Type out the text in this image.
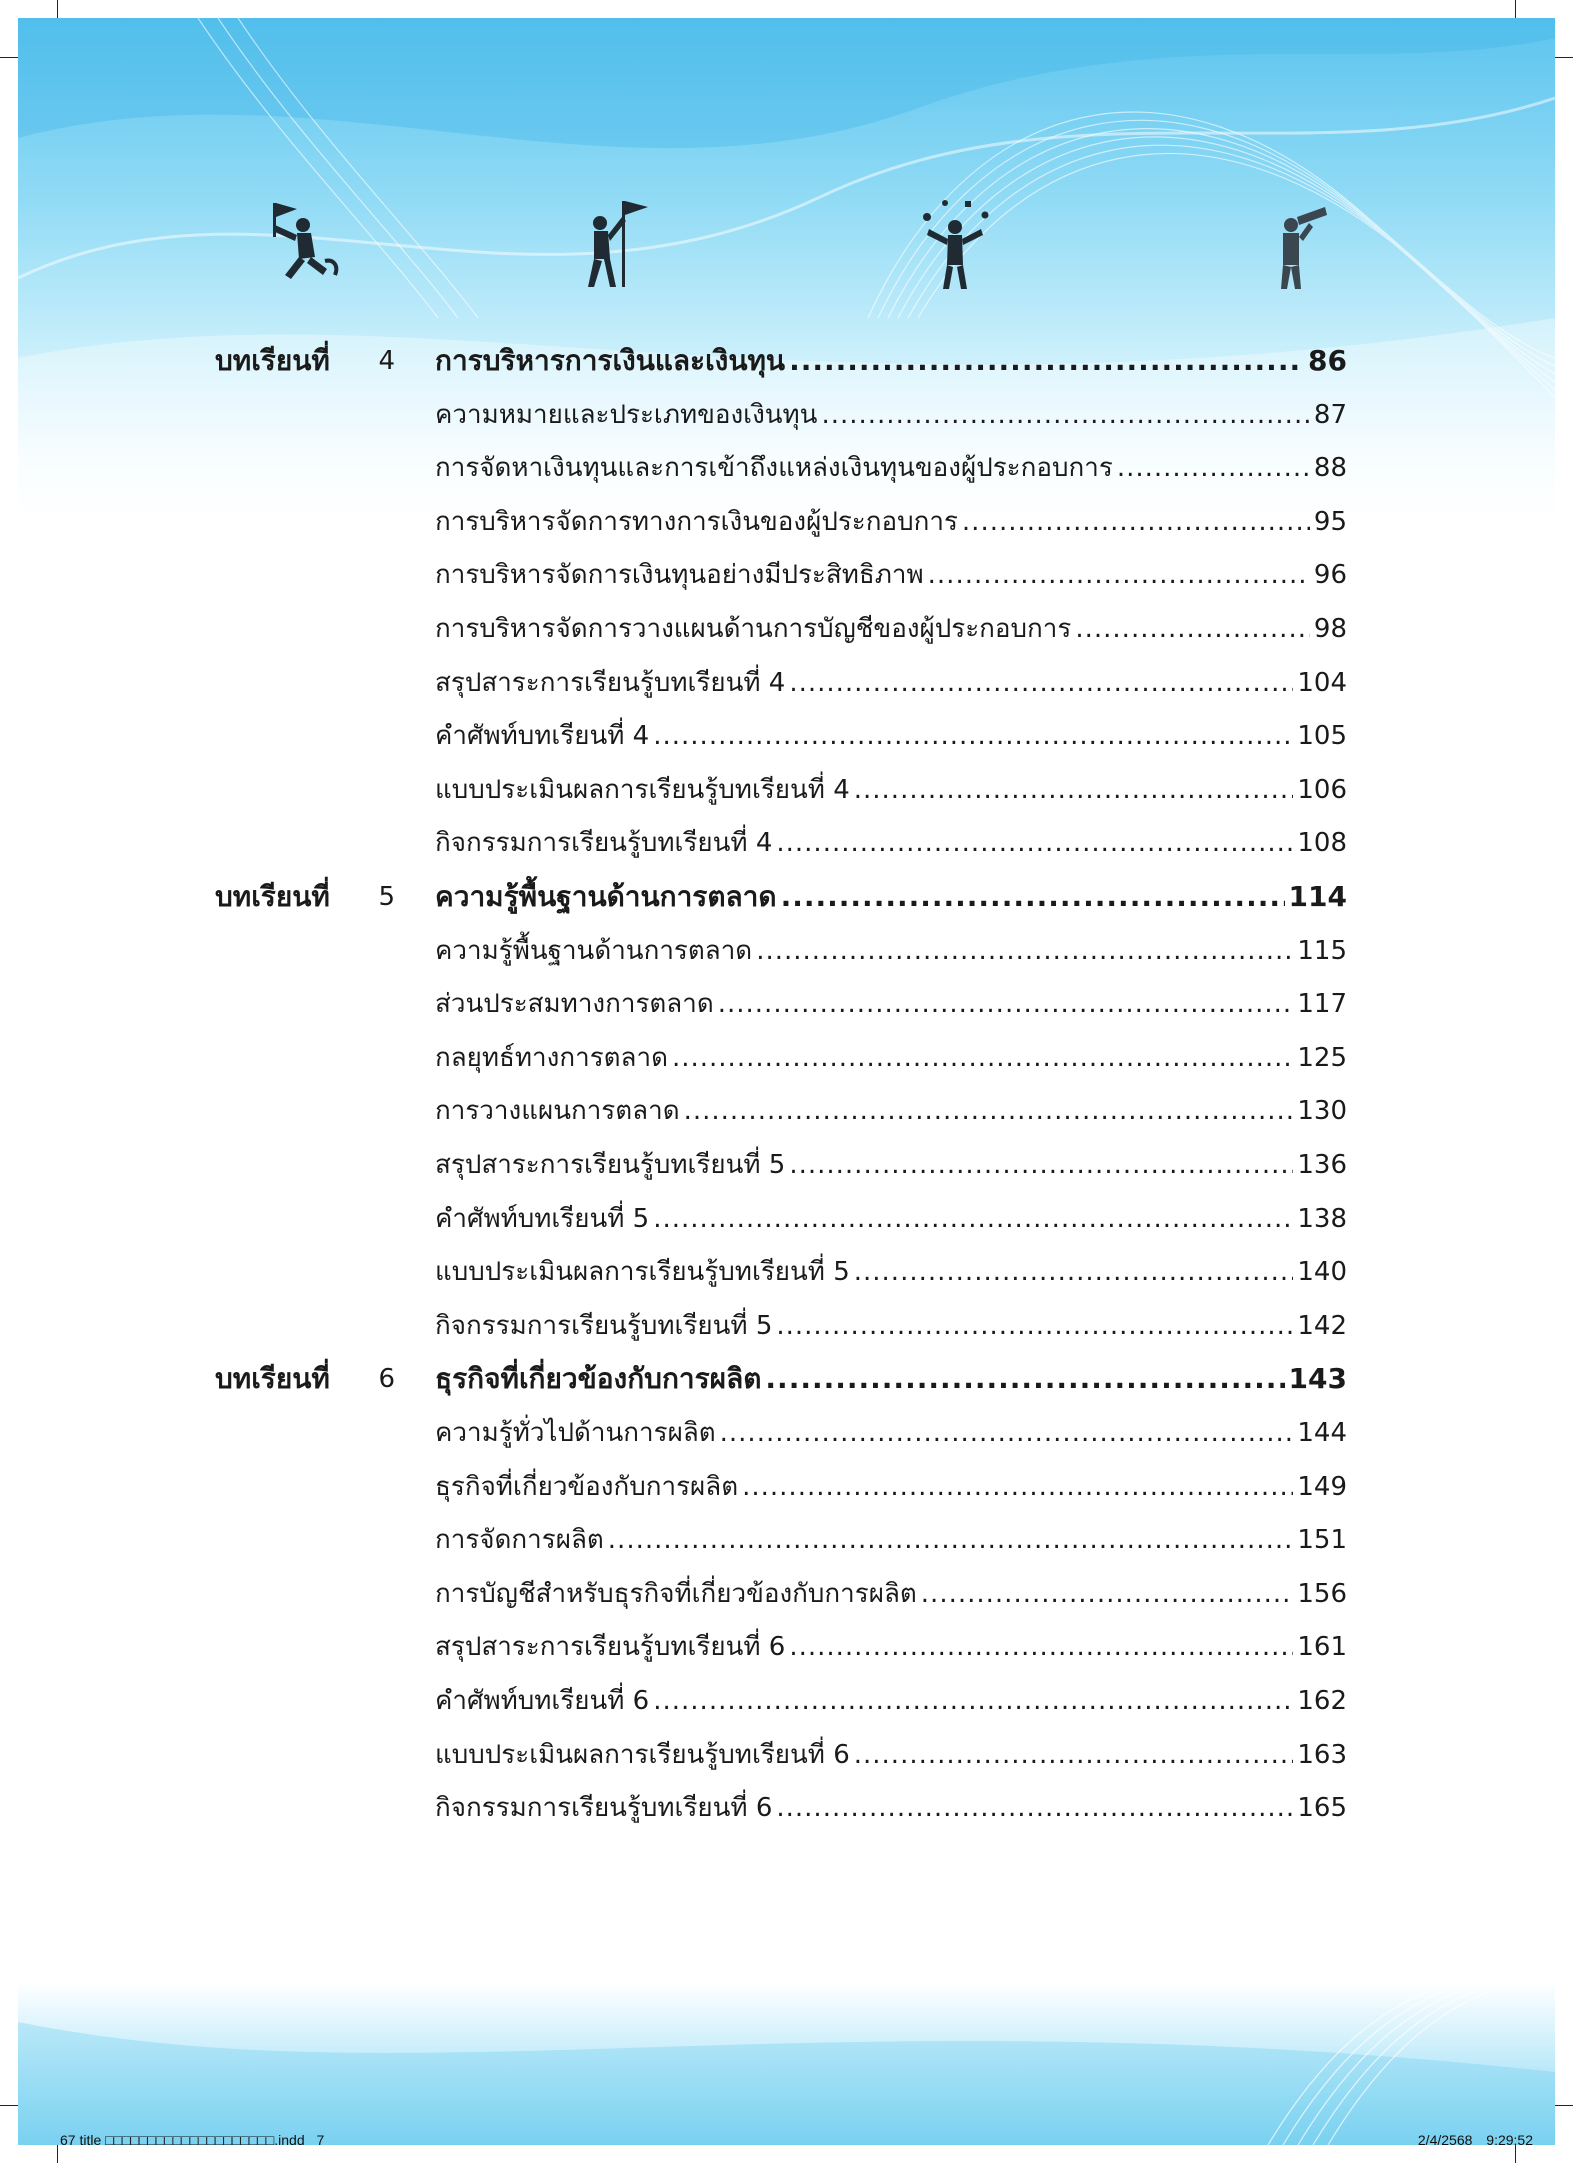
บทเรียนที่ 4 การบริหารการเงินและเงินทุน .....	86
ความหมายและประเภทของเงินทุน .....	87
การจัดหาเงินทุนและการเข้าถึงแหล่งเงินทุนของผู้ประกอบการ .....	88
การบริหารจัดการทางการเงินของผู้ประกอบการ .....	95
การบริหารจัดการเงินทุนอย่างมีประสิทธิภาพ .....	96
การบริหารจัดการวางแผนด้านการบัญชีของผู้ประกอบการ .....	98
สรุปสาระการเรียนรู้บทเรียนที่ 4 .....	104
คำศัพท์บทเรียนที่ 4 .....	105
แบบประเมินผลการเรียนรู้บทเรียนที่ 4 .....	106
กิจกรรมการเรียนรู้บทเรียนที่ 4 .....	108
บทเรียนที่ 5 ความรู้พื้นฐานด้านการตลาด .....	114
ความรู้พื้นฐานด้านการตลาด .....	115
ส่วนประสมทางการตลาด .....	117
กลยุทธ์ทางการตลาด .....	125
การวางแผนการตลาด .....	130
สรุปสาระการเรียนรู้บทเรียนที่ 5 .....	136
คำศัพท์บทเรียนที่ 5 .....	138
แบบประเมินผลการเรียนรู้บทเรียนที่ 5 .....	140
กิจกรรมการเรียนรู้บทเรียนที่ 5 .....	142
บทเรียนที่ 6 ธุรกิจที่เกี่ยวข้องกับการผลิต .....	143
ความรู้ทั่วไปด้านการผลิต .....	144
ธุรกิจที่เกี่ยวข้องกับการผลิต .....	149
การจัดการผลิต .....	151
การบัญชีสำหรับธุรกิจที่เกี่ยวข้องกับการผลิต .....	156
สรุปสาระการเรียนรู้บทเรียนที่ 6 .....	161
คำศัพท์บทเรียนที่ 6 .....	162
แบบประเมินผลการเรียนรู้บทเรียนที่ 6 .....	163
กิจกรรมการเรียนรู้บทเรียนที่ 6 .....	165
67 title □□□□□□□□□□□□□□□□□□□□.indd 7	2/4/2568 9:29:52
